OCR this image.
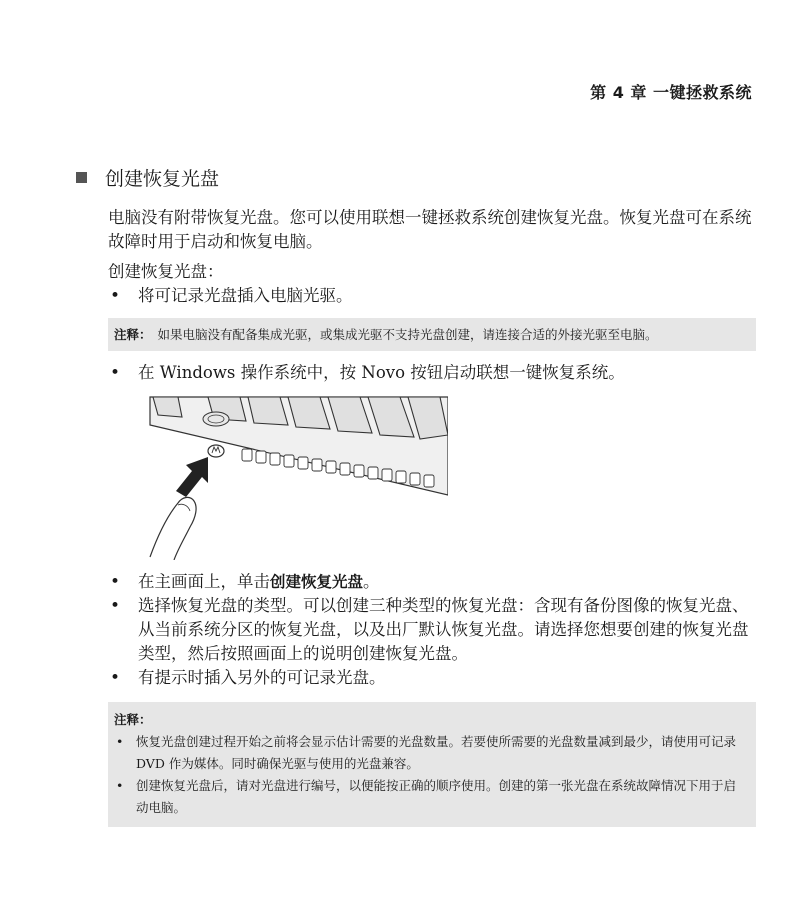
第 4 章 一键拯救系统
创建恢复光盘

电脑没有附带恢复光盘。您可以使用联想一键拯救系统创建恢复光盘。恢复光盘可在系统故障时用于启动和恢复电脑。

创建恢复光盘：

• 将可记录光盘插入电脑光驱。
注释： 如果电脑没有配备集成光驱，或集成光驱不支持光盘创建，请连接合适的外接光驱至电脑。
• 在 Windows 操作系统中，按 Novo 按钮启动联想一键恢复系统。
• 在主画面上，单击创建恢复光盘。
• 选择恢复光盘的类型。可以创建三种类型的恢复光盘：含现有备份图像的恢复光盘、从当前系统分区的恢复光盘，以及出厂默认恢复光盘。请选择您想要创建的恢复光盘类型，然后按照画面上的说明创建恢复光盘。
• 有提示时插入另外的可记录光盘。
注释：
• 恢复光盘创建过程开始之前将会显示估计需要的光盘数量。若要使所需要的光盘数量减到最少，请使用可记录 DVD 作为媒体。同时确保光驱与使用的光盘兼容。
• 创建恢复光盘后，请对光盘进行编号，以便能按正确的顺序使用。创建的第一张光盘在系统故障情况下用于启动电脑。
